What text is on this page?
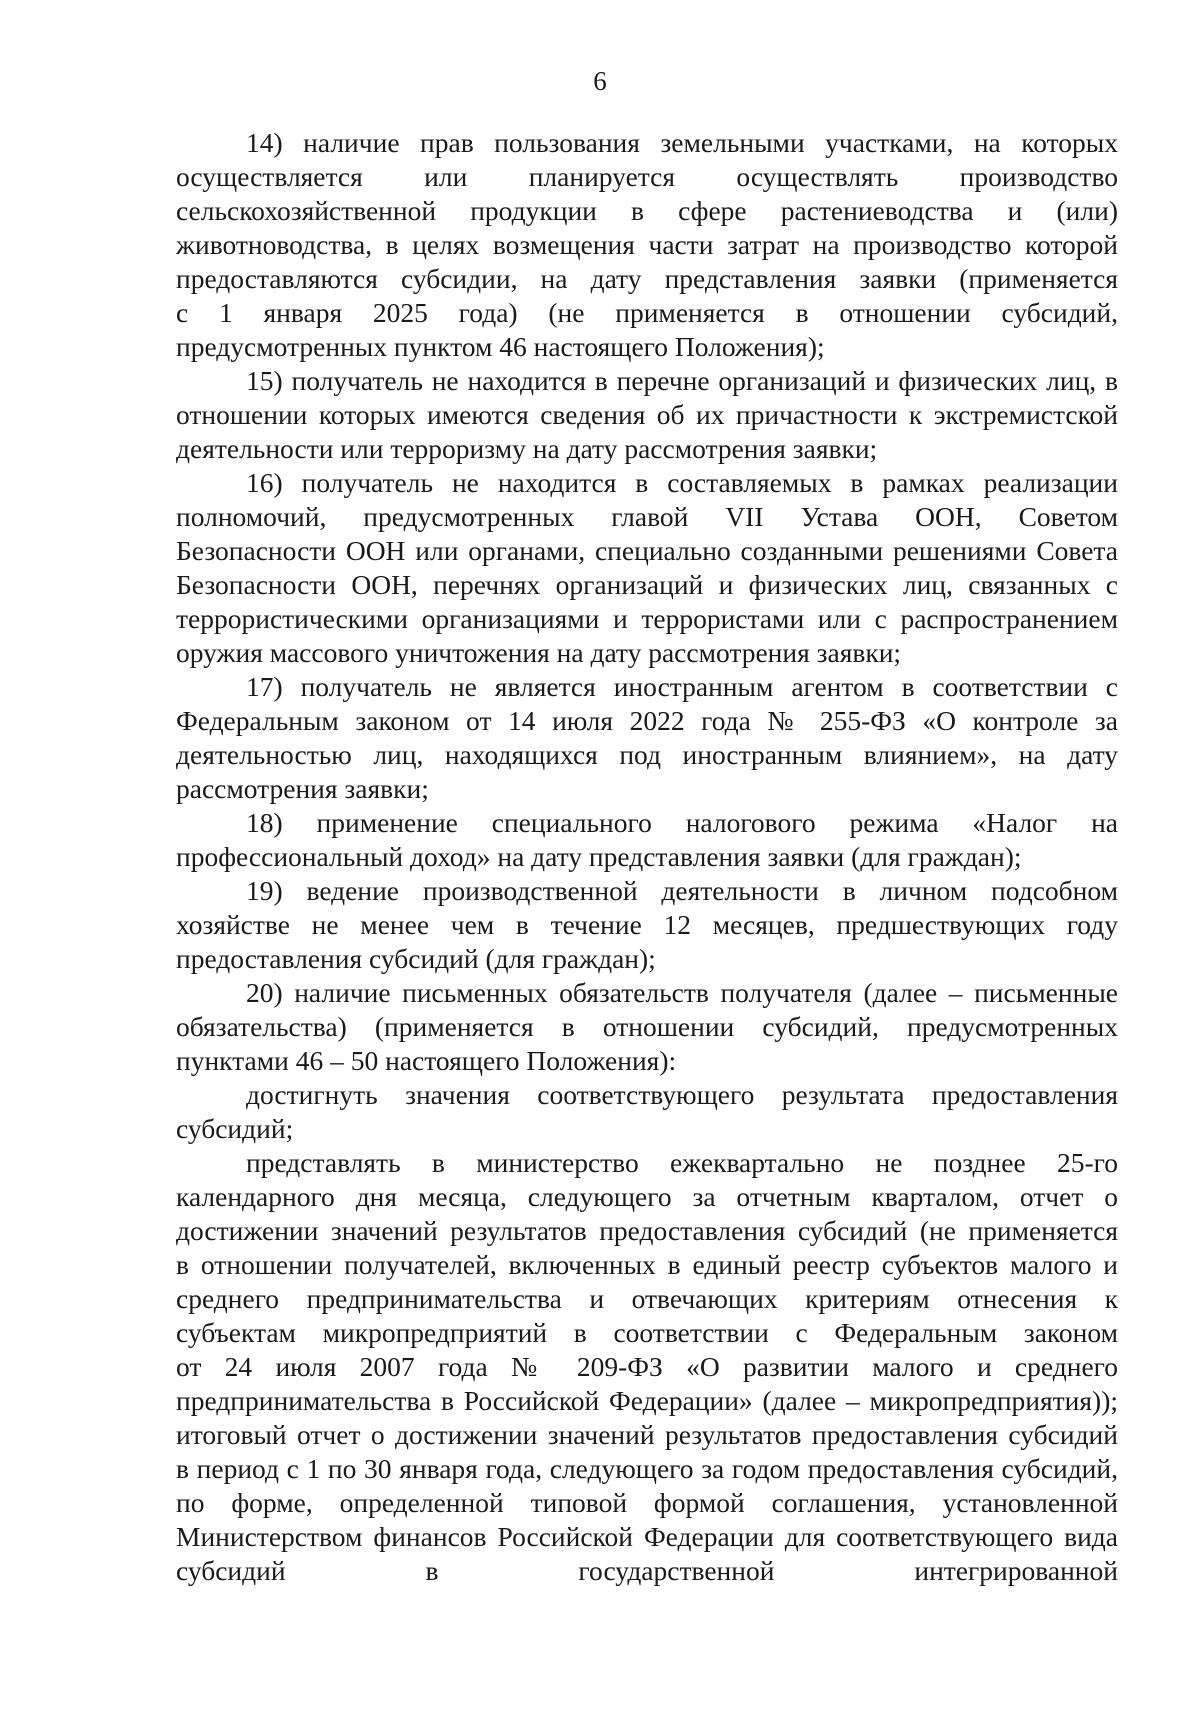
6
14) наличие прав пользования земельными участками, на которых
осуществляется или планируется осуществлять производство
сельскохозяйственной продукции в сфере растениеводства и (или)
животноводства, в целях возмещения части затрат на производство которой
предоставляются субсидии, на дату представления заявки (применяется
с 1 января 2025 года) (не применяется в отношении субсидий,
предусмотренных пунктом 46 настоящего Положения);
15) получатель не находится в перечне организаций и физических лиц, в
отношении которых имеются сведения об их причастности к экстремистской
деятельности или терроризму на дату рассмотрения заявки;
16) получатель не находится в составляемых в рамках реализации
полномочий, предусмотренных главой VII Устава ООН, Советом
Безопасности ООН или органами, специально созданными решениями Совета
Безопасности ООН, перечнях организаций и физических лиц, связанных с
террористическими организациями и террористами или с распространением
оружия массового уничтожения на дату рассмотрения заявки;
17) получатель не является иностранным агентом в соответствии с
Федеральным законом от 14 июля 2022 года № 255-ФЗ «О контроле за
деятельностью лиц, находящихся под иностранным влиянием», на дату
рассмотрения заявки;
18) применение специального налогового режима «Налог на
профессиональный доход» на дату представления заявки (для граждан);
19) ведение производственной деятельности в личном подсобном
хозяйстве не менее чем в течение 12 месяцев, предшествующих году
предоставления субсидий (для граждан);
20) наличие письменных обязательств получателя (далее – письменные
обязательства) (применяется в отношении субсидий, предусмотренных
пунктами 46 – 50 настоящего Положения):
достигнуть значения соответствующего результата предоставления
субсидий;
представлять в министерство ежеквартально не позднее 25-го
календарного дня месяца, следующего за отчетным кварталом, отчет о
достижении значений результатов предоставления субсидий (не применяется
в отношении получателей, включенных в единый реестр субъектов малого и
среднего предпринимательства и отвечающих критериям отнесения к
субъектам микропредприятий в соответствии с Федеральным законом
от 24 июля 2007 года № 209-ФЗ «О развитии малого и среднего
предпринимательства в Российской Федерации» (далее – микропредприятия));
итоговый отчет о достижении значений результатов предоставления субсидий
в период с 1 по 30 января года, следующего за годом предоставления субсидий,
по форме, определенной типовой формой соглашения, установленной
Министерством финансов Российской Федерации для соответствующего вида
субсидий в государственной интегрированной
